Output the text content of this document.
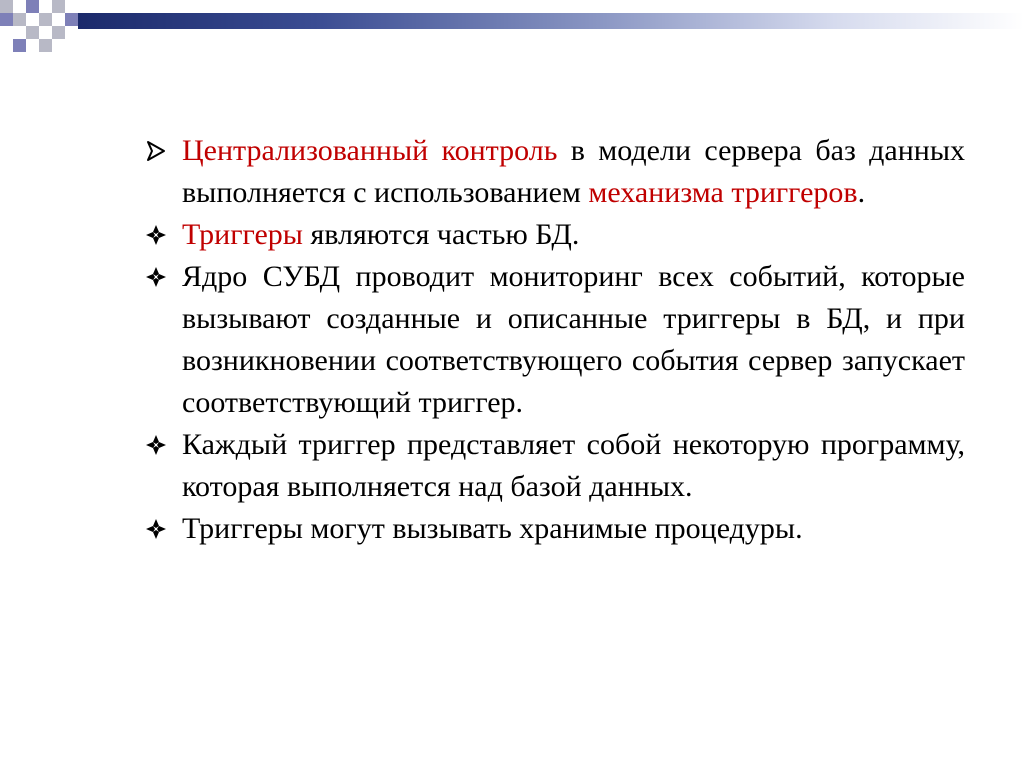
Централизованный контроль в модели сервера баз данных выполняется с использованием механизма триггеров.
Триггеры являются частью БД.
Ядро СУБД проводит мониторинг всех событий, которые вызывают созданные и описанные триггеры в БД, и при возникновении соответствующего события сервер запускает соответствующий триггер.
Каждый триггер представляет собой некоторую программу, которая выполняется над базой данных.
Триггеры могут вызывать хранимые процедуры.
